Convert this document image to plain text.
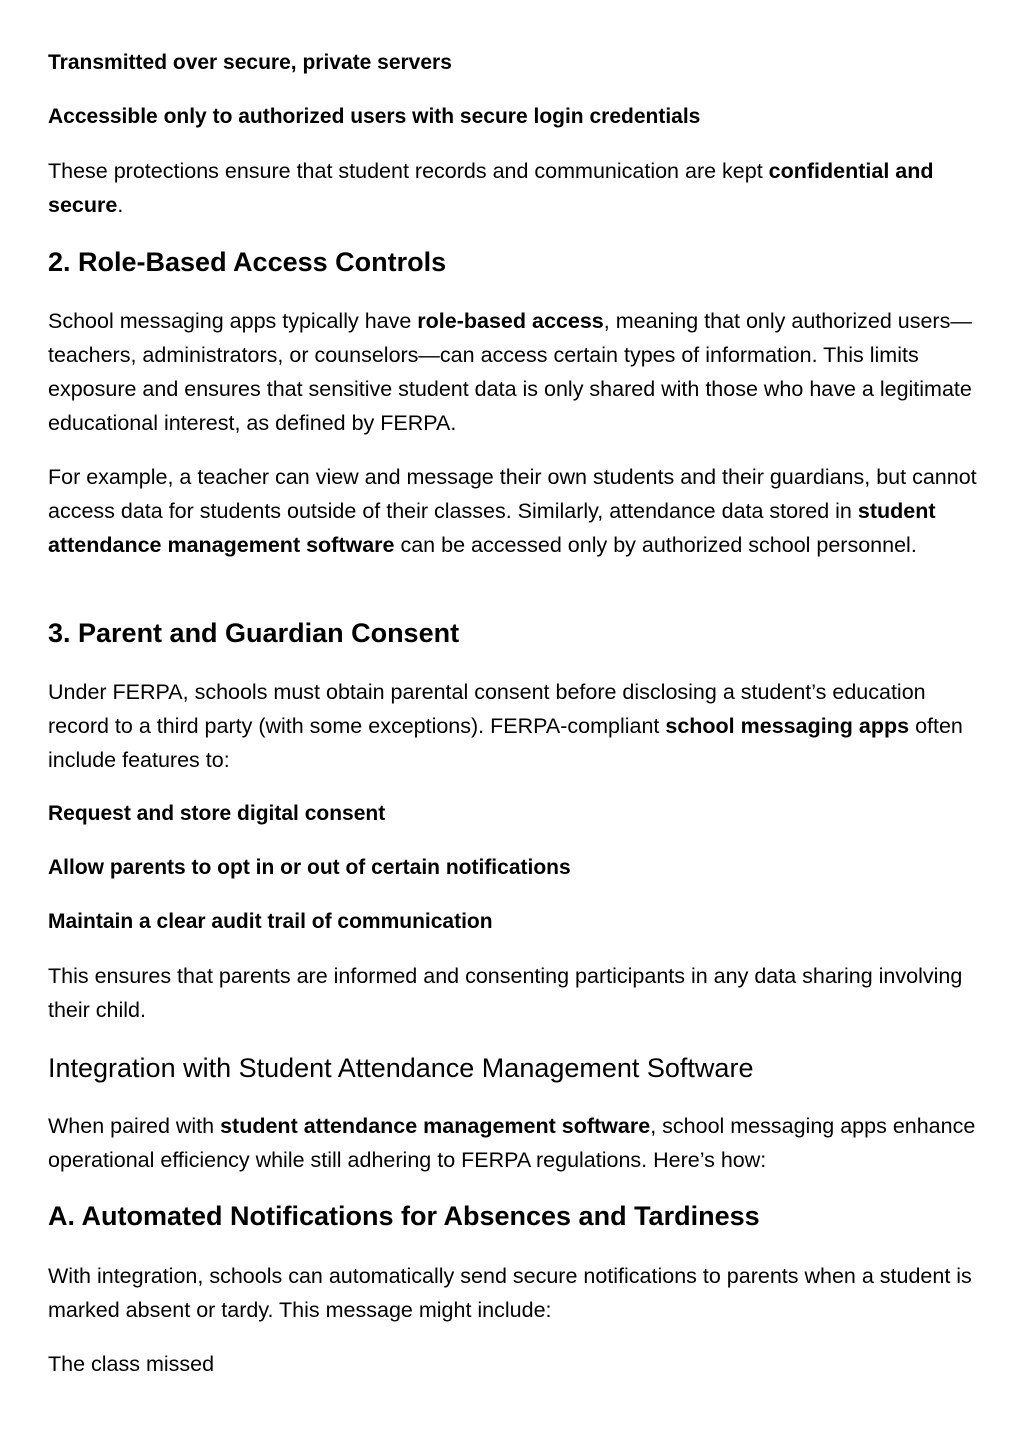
Transmitted over secure, private servers
Accessible only to authorized users with secure login credentials

These protections ensure that student records and communication are kept confidential and secure.

2. Role-Based Access Controls

School messaging apps typically have role-based access, meaning that only authorized users—teachers, administrators, or counselors—can access certain types of information. This limits exposure and ensures that sensitive student data is only shared with those who have a legitimate educational interest, as defined by FERPA.

For example, a teacher can view and message their own students and their guardians, but cannot access data for students outside of their classes. Similarly, attendance data stored in student attendance management software can be accessed only by authorized school personnel.

3. Parent and Guardian Consent

Under FERPA, schools must obtain parental consent before disclosing a student’s education record to a third party (with some exceptions). FERPA-compliant school messaging apps often include features to:

Request and store digital consent
Allow parents to opt in or out of certain notifications
Maintain a clear audit trail of communication

This ensures that parents are informed and consenting participants in any data sharing involving their child.

Integration with Student Attendance Management Software

When paired with student attendance management software, school messaging apps enhance operational efficiency while still adhering to FERPA regulations. Here’s how:

A. Automated Notifications for Absences and Tardiness

With integration, schools can automatically send secure notifications to parents when a student is marked absent or tardy. This message might include:

The class missed
